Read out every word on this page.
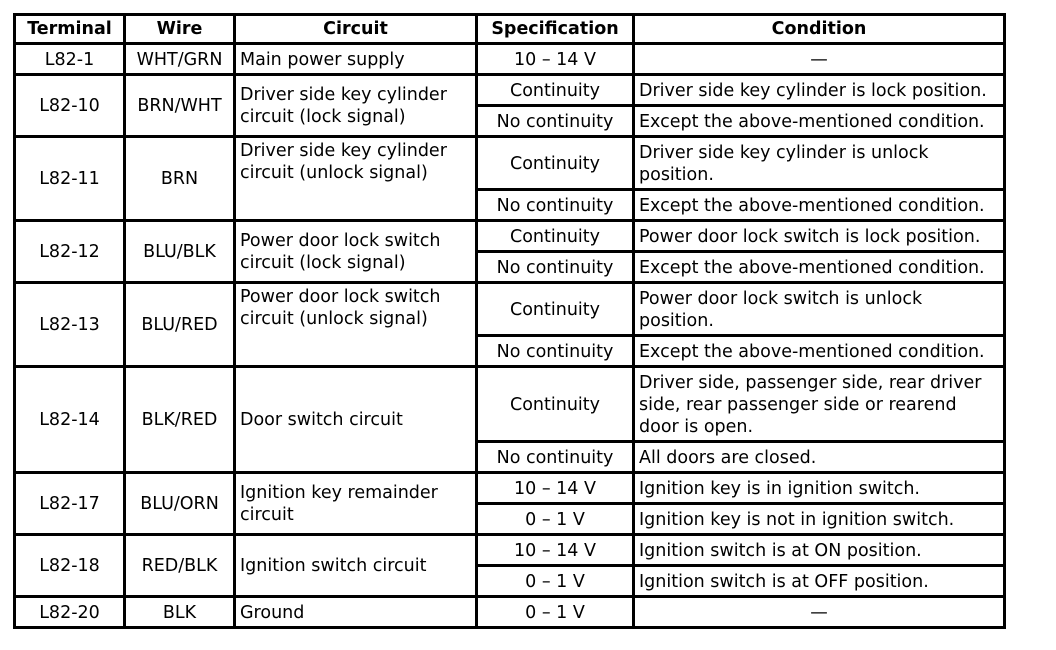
Terminal	Wire	Circuit	Specification	Condition
L82-1	WHT/GRN	Main power supply	10 – 14 V	—
L82-10	BRN/WHT	Driver side key cylinder circuit (lock signal)	Continuity	Driver side key cylinder is lock position.
			No continuity	Except the above-mentioned condition.
L82-11	BRN	Driver side key cylinder circuit (unlock signal)	Continuity	Driver side key cylinder is unlock position.
			No continuity	Except the above-mentioned condition.
L82-12	BLU/BLK	Power door lock switch circuit (lock signal)	Continuity	Power door lock switch is lock position.
			No continuity	Except the above-mentioned condition.
L82-13	BLU/RED	Power door lock switch circuit (unlock signal)	Continuity	Power door lock switch is unlock position.
			No continuity	Except the above-mentioned condition.
L82-14	BLK/RED	Door switch circuit	Continuity	Driver side, passenger side, rear driver side, rear passenger side or rearend door is open.
			No continuity	All doors are closed.
L82-17	BLU/ORN	Ignition key remainder circuit	10 – 14 V	Ignition key is in ignition switch.
			0 – 1 V	Ignition key is not in ignition switch.
L82-18	RED/BLK	Ignition switch circuit	10 – 14 V	Ignition switch is at ON position.
			0 – 1 V	Ignition switch is at OFF position.
L82-20	BLK	Ground	0 – 1 V	—
